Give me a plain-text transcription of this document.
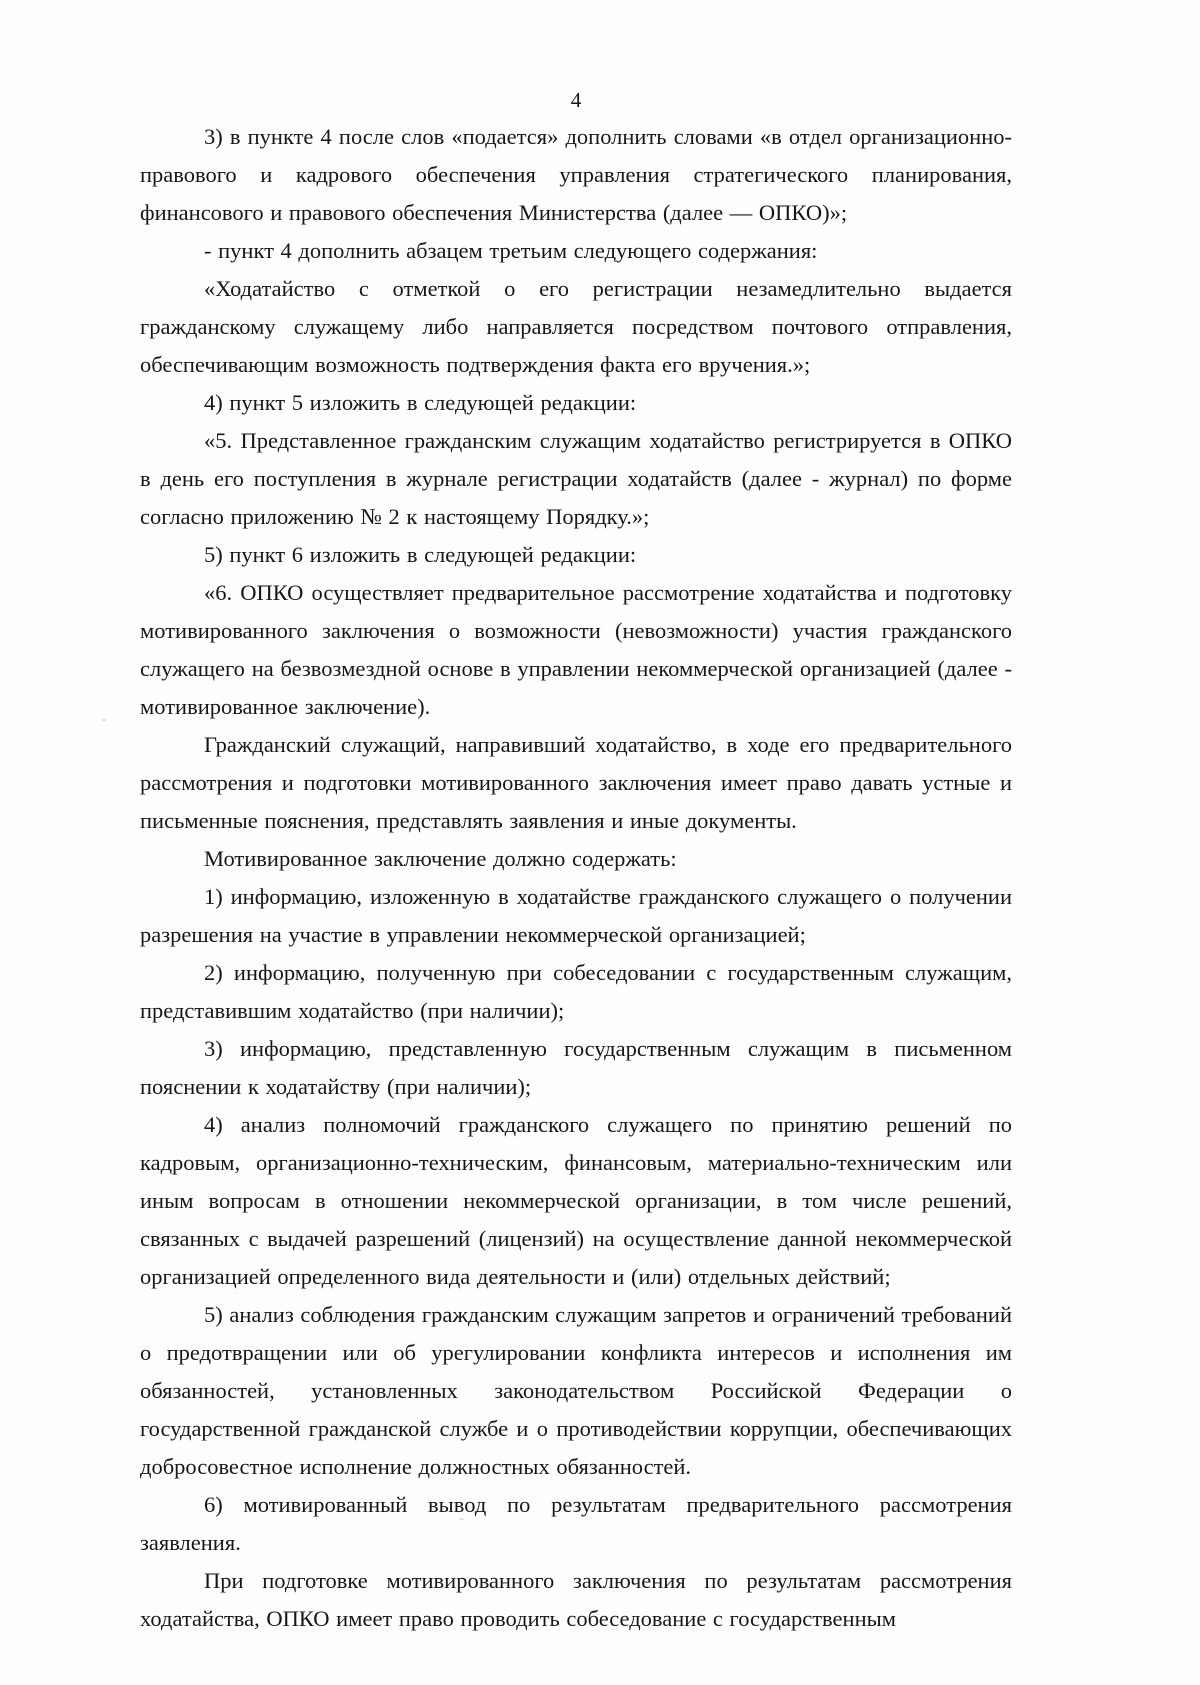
4

3) в пункте 4 после слов «подается» дополнить словами «в отдел организационно-правового и кадрового обеспечения управления стратегического планирования, финансового и правового обеспечения Министерства (далее — ОПКО)»;

- пункт 4 дополнить абзацем третьим следующего содержания:

«Ходатайство с отметкой о его регистрации незамедлительно выдается гражданскому служащему либо направляется посредством почтового отправления, обеспечивающим возможность подтверждения факта его вручения.»;

4) пункт 5 изложить в следующей редакции:

«5. Представленное гражданским служащим ходатайство регистрируется в ОПКО в день его поступления в журнале регистрации ходатайств (далее - журнал) по форме согласно приложению № 2 к настоящему Порядку.»;

5) пункт 6 изложить в следующей редакции:

«6. ОПКО осуществляет предварительное рассмотрение ходатайства и подготовку мотивированного заключения о возможности (невозможности) участия гражданского служащего на безвозмездной основе в управлении некоммерческой организацией (далее - мотивированное заключение).

Гражданский служащий, направивший ходатайство, в ходе его предварительного рассмотрения и подготовки мотивированного заключения имеет право давать устные и письменные пояснения, представлять заявления и иные документы.

Мотивированное заключение должно содержать:

1) информацию, изложенную в ходатайстве гражданского служащего о получении разрешения на участие в управлении некоммерческой организацией;

2) информацию, полученную при собеседовании с государственным служащим, представившим ходатайство (при наличии);

3) информацию, представленную государственным служащим в письменном пояснении к ходатайству (при наличии);

4) анализ полномочий гражданского служащего по принятию решений по кадровым, организационно-техническим, финансовым, материально-техническим или иным вопросам в отношении некоммерческой организации, в том числе решений, связанных с выдачей разрешений (лицензий) на осуществление данной некоммерческой организацией определенного вида деятельности и (или) отдельных действий;

5) анализ соблюдения гражданским служащим запретов и ограничений требований о предотвращении или об урегулировании конфликта интересов и исполнения им обязанностей, установленных законодательством Российской Федерации о государственной гражданской службе и о противодействии коррупции, обеспечивающих добросовестное исполнение должностных обязанностей.

6) мотивированный вывод по результатам предварительного рассмотрения заявления.

При подготовке мотивированного заключения по результатам рассмотрения ходатайства, ОПКО имеет право проводить собеседование с государственным
